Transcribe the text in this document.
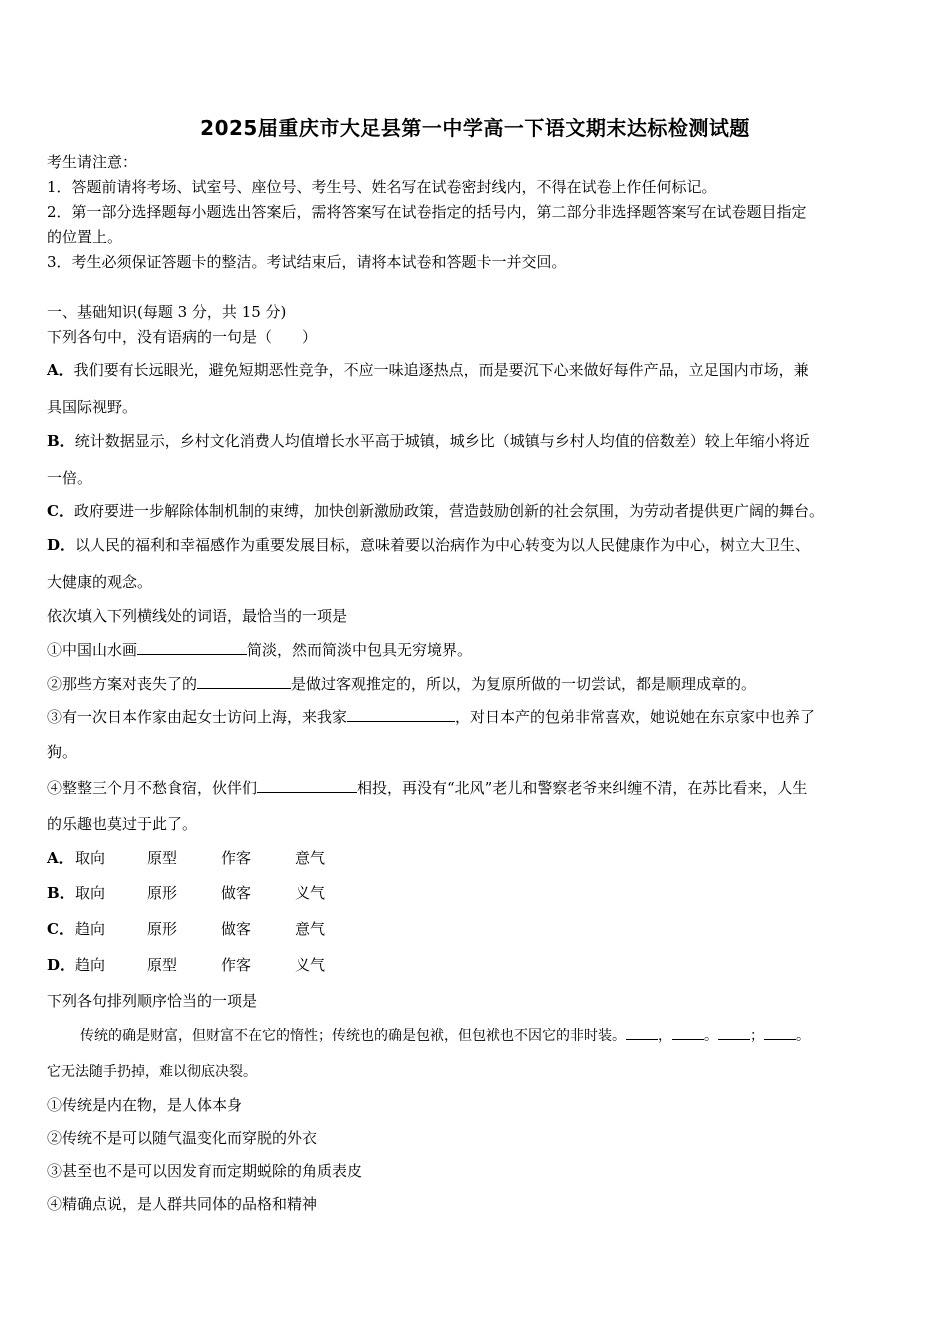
2025届重庆市大足县第一中学高一下语文期末达标检测试题
考生请注意：
1．答题前请将考场、试室号、座位号、考生号、姓名写在试卷密封线内，不得在试卷上作任何标记。
2．第一部分选择题每小题选出答案后，需将答案写在试卷指定的括号内，第二部分非选择题答案写在试卷题目指定
的位置上。
3．考生必须保证答题卡的整洁。考试结束后，请将本试卷和答题卡一并交回。
一、基础知识(每题 3 分，共 15 分)
下列各句中，没有语病的一句是（　　）
A．我们要有长远眼光，避免短期恶性竞争，不应一味追逐热点，而是要沉下心来做好每件产品，立足国内市场，兼
具国际视野。
B．统计数据显示，乡村文化消费人均值增长水平高于城镇，城乡比（城镇与乡村人均值的倍数差）较上年缩小将近
一倍。
C．政府要进一步解除体制机制的束缚，加快创新激励政策，营造鼓励创新的社会氛围，为劳动者提供更广阔的舞台。
D．以人民的福利和幸福感作为重要发展目标，意味着要以治病作为中心转变为以人民健康作为中心，树立大卫生、
大健康的观念。
依次填入下列横线处的词语，最恰当的一项是
①中国山水画	简淡，然而简淡中包具无穷境界。
②那些方案对丧失了的	是做过客观推定的，所以，为复原所做的一切尝试，都是顺理成章的。
③有一次日本作家由起女士访问上海，来我家	，对日本产的包弟非常喜欢，她说她在东京家中也养了
狗。
④整整三个月不愁食宿，伙伴们	相投，再没有“北风”老儿和警察老爷来纠缠不清，在苏比看来，人生
的乐趣也莫过于此了。
A．取向	原型	作客	意气
B．取向	原形	做客	义气
C．趋向	原形	做客	意气
D．趋向	原型	作客	义气
下列各句排列顺序恰当的一项是
传统的确是财富，但财富不在它的惰性；传统也的确是包袱，但包袱也不因它的非时装。 ， 。 ； 。
它无法随手扔掉，难以彻底决裂。
①传统是内在物，是人体本身
②传统不是可以随气温变化而穿脱的外衣
③甚至也不是可以因发育而定期蜕除的角质表皮
④精确点说，是人群共同体的品格和精神
